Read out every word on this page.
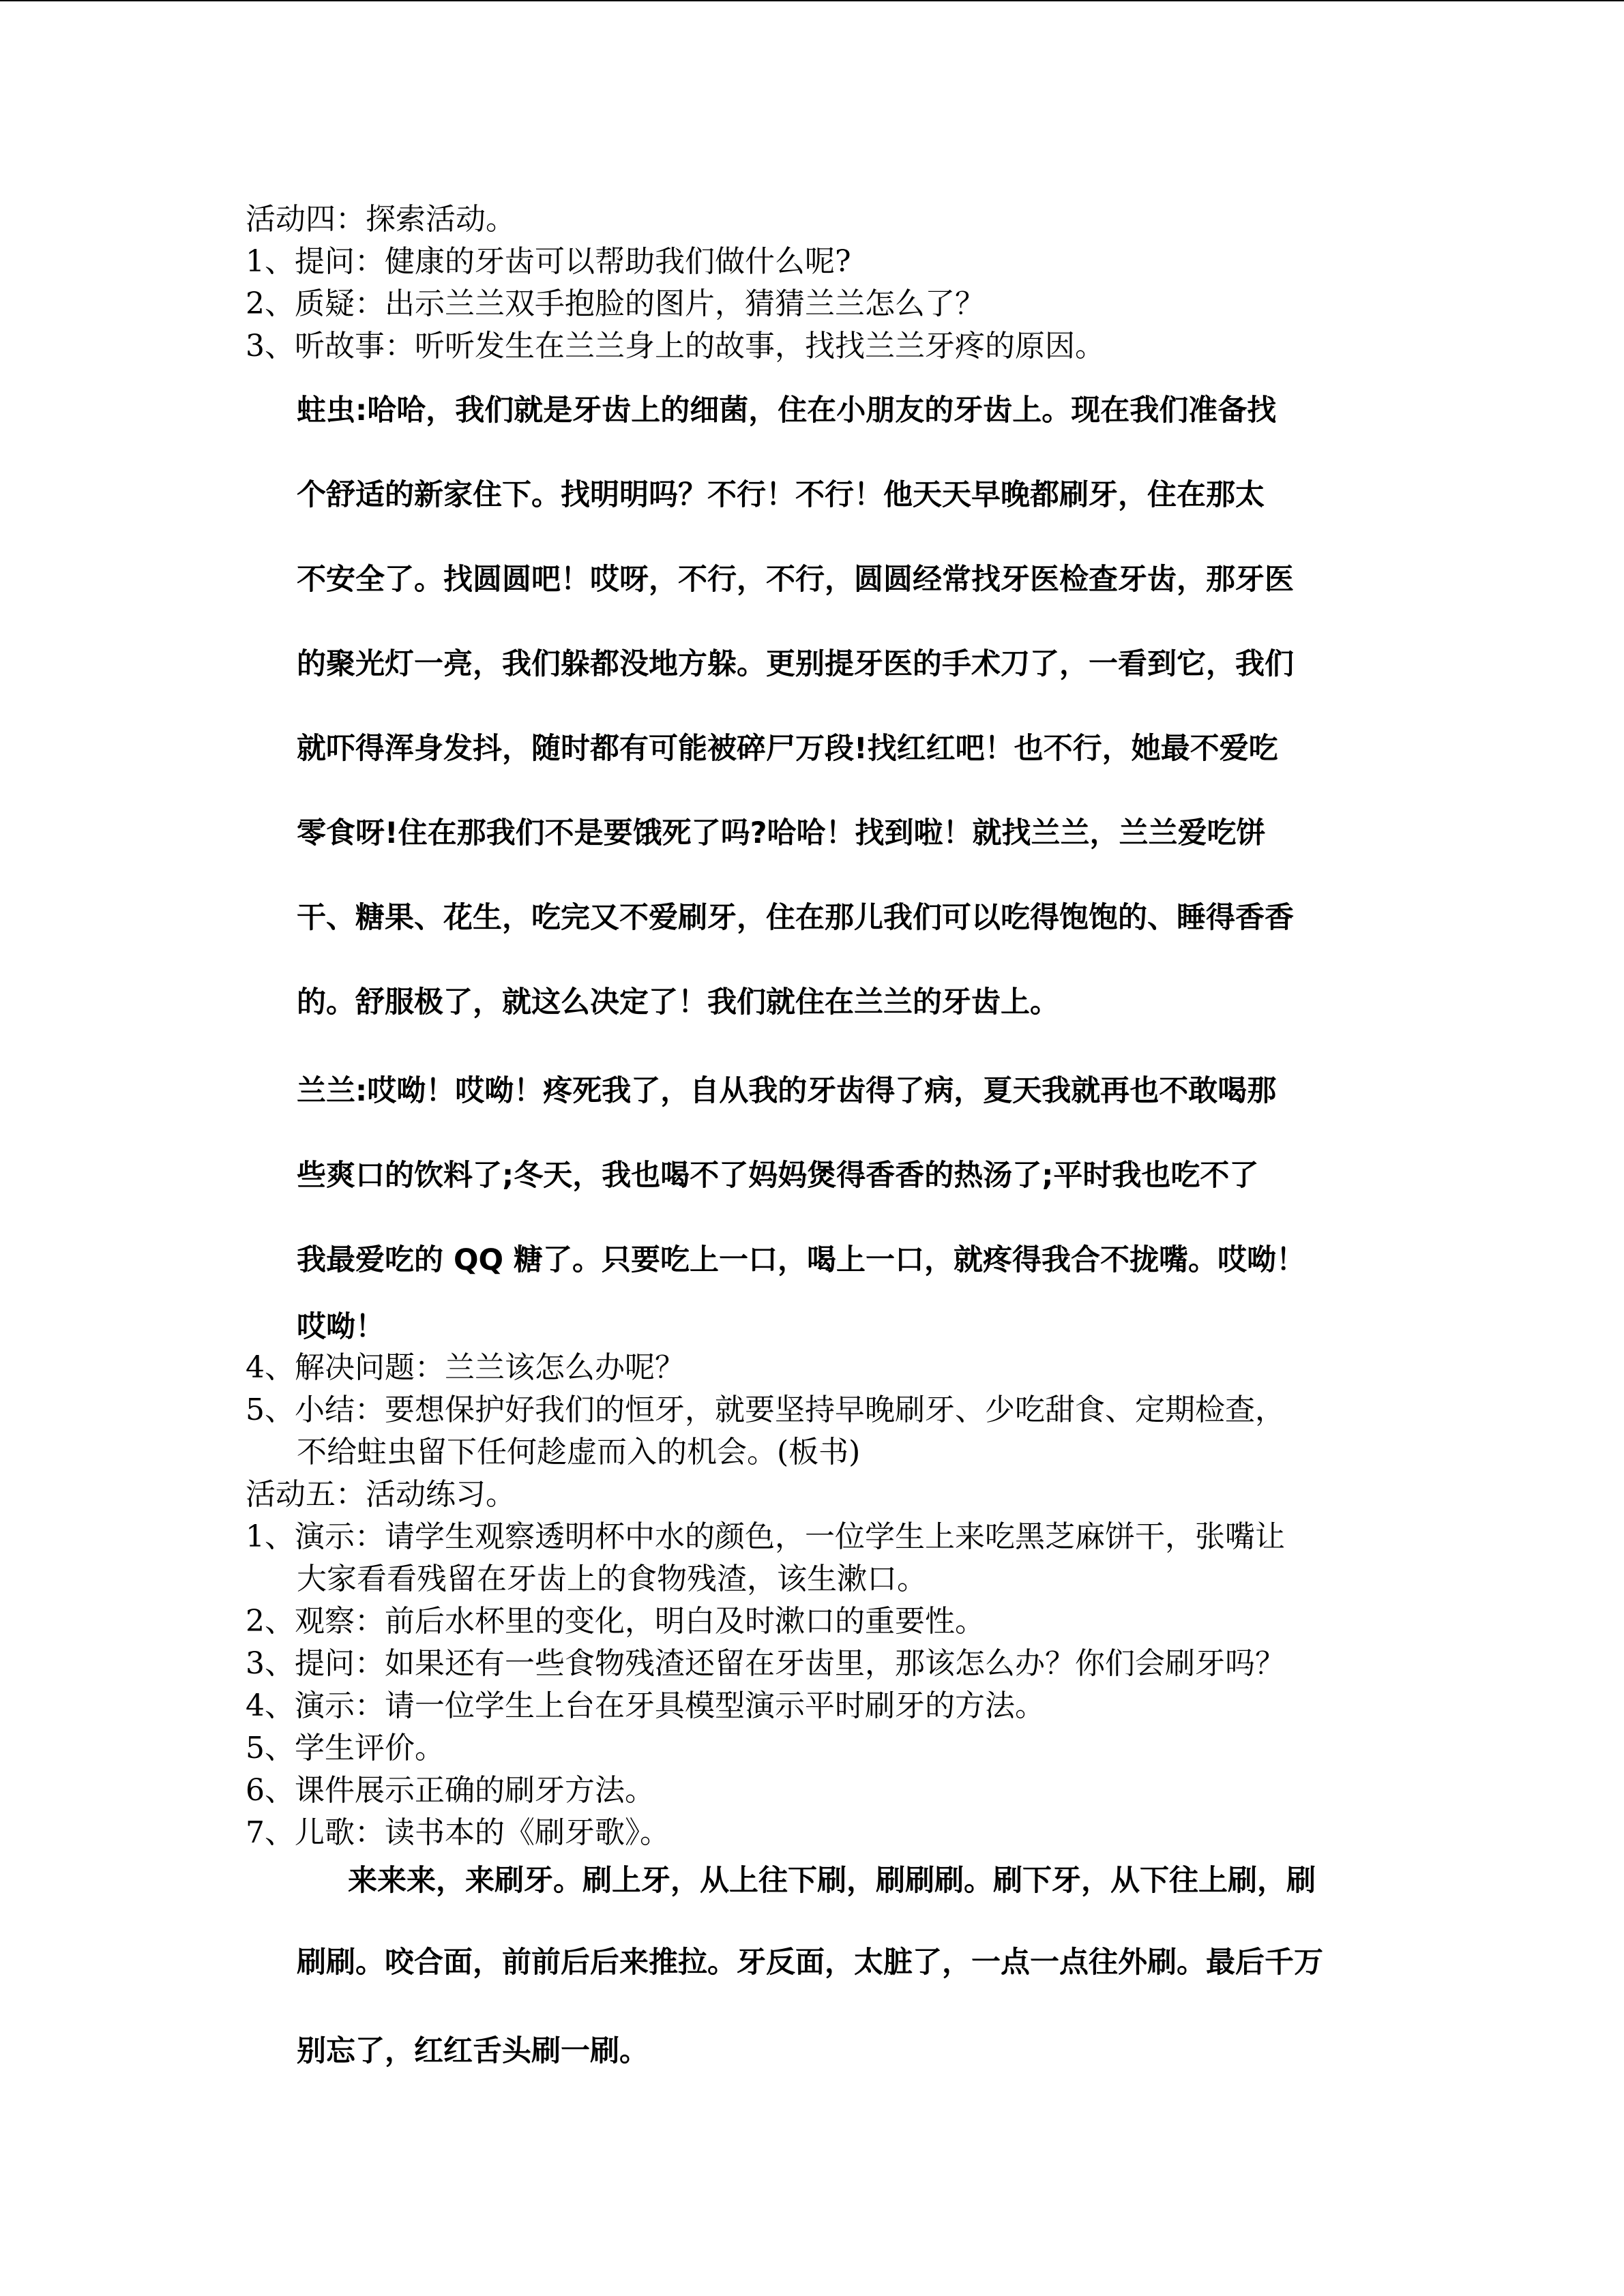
活动四：探索活动。
1、提问：健康的牙齿可以帮助我们做什么呢?
2、质疑：出示兰兰双手抱脸的图片，猜猜兰兰怎么了？
3、听故事：听听发生在兰兰身上的故事，找找兰兰牙疼的原因。
蛀虫:哈哈，我们就是牙齿上的细菌，住在小朋友的牙齿上。现在我们准备找
个舒适的新家住下。找明明吗？不行！不行！他天天早晚都刷牙，住在那太
不安全了。找圆圆吧！哎呀，不行，不行，圆圆经常找牙医检查牙齿，那牙医
的聚光灯一亮，我们躲都没地方躲。更别提牙医的手术刀了，一看到它，我们
就吓得浑身发抖，随时都有可能被碎尸万段!找红红吧！也不行，她最不爱吃
零食呀!住在那我们不是要饿死了吗?哈哈！找到啦！就找兰兰，兰兰爱吃饼
干、糖果、花生，吃完又不爱刷牙，住在那儿我们可以吃得饱饱的、睡得香香
的。舒服极了，就这么决定了！我们就住在兰兰的牙齿上。
兰兰:哎呦！哎呦！疼死我了，自从我的牙齿得了病，夏天我就再也不敢喝那
些爽口的饮料了;冬天，我也喝不了妈妈煲得香香的热汤了;平时我也吃不了
我最爱吃的 QQ 糖了。只要吃上一口，喝上一口，就疼得我合不拢嘴。哎呦！
哎呦！
4、解决问题：兰兰该怎么办呢？
5、小结：要想保护好我们的恒牙，就要坚持早晚刷牙、少吃甜食、定期检查，
不给蛀虫留下任何趁虚而入的机会。(板书)
活动五：活动练习。
1、演示：请学生观察透明杯中水的颜色，一位学生上来吃黑芝麻饼干，张嘴让
大家看看残留在牙齿上的食物残渣，该生漱口。
2、观察：前后水杯里的变化，明白及时漱口的重要性。
3、提问：如果还有一些食物残渣还留在牙齿里，那该怎么办？你们会刷牙吗？
4、演示：请一位学生上台在牙具模型演示平时刷牙的方法。
5、学生评价。
6、课件展示正确的刷牙方法。
7、儿歌：读书本的《刷牙歌》。
来来来，来刷牙。刷上牙，从上往下刷，刷刷刷。刷下牙，从下往上刷，刷
刷刷。咬合面，前前后后来推拉。牙反面，太脏了，一点一点往外刷。最后千万
别忘了，红红舌头刷一刷。
